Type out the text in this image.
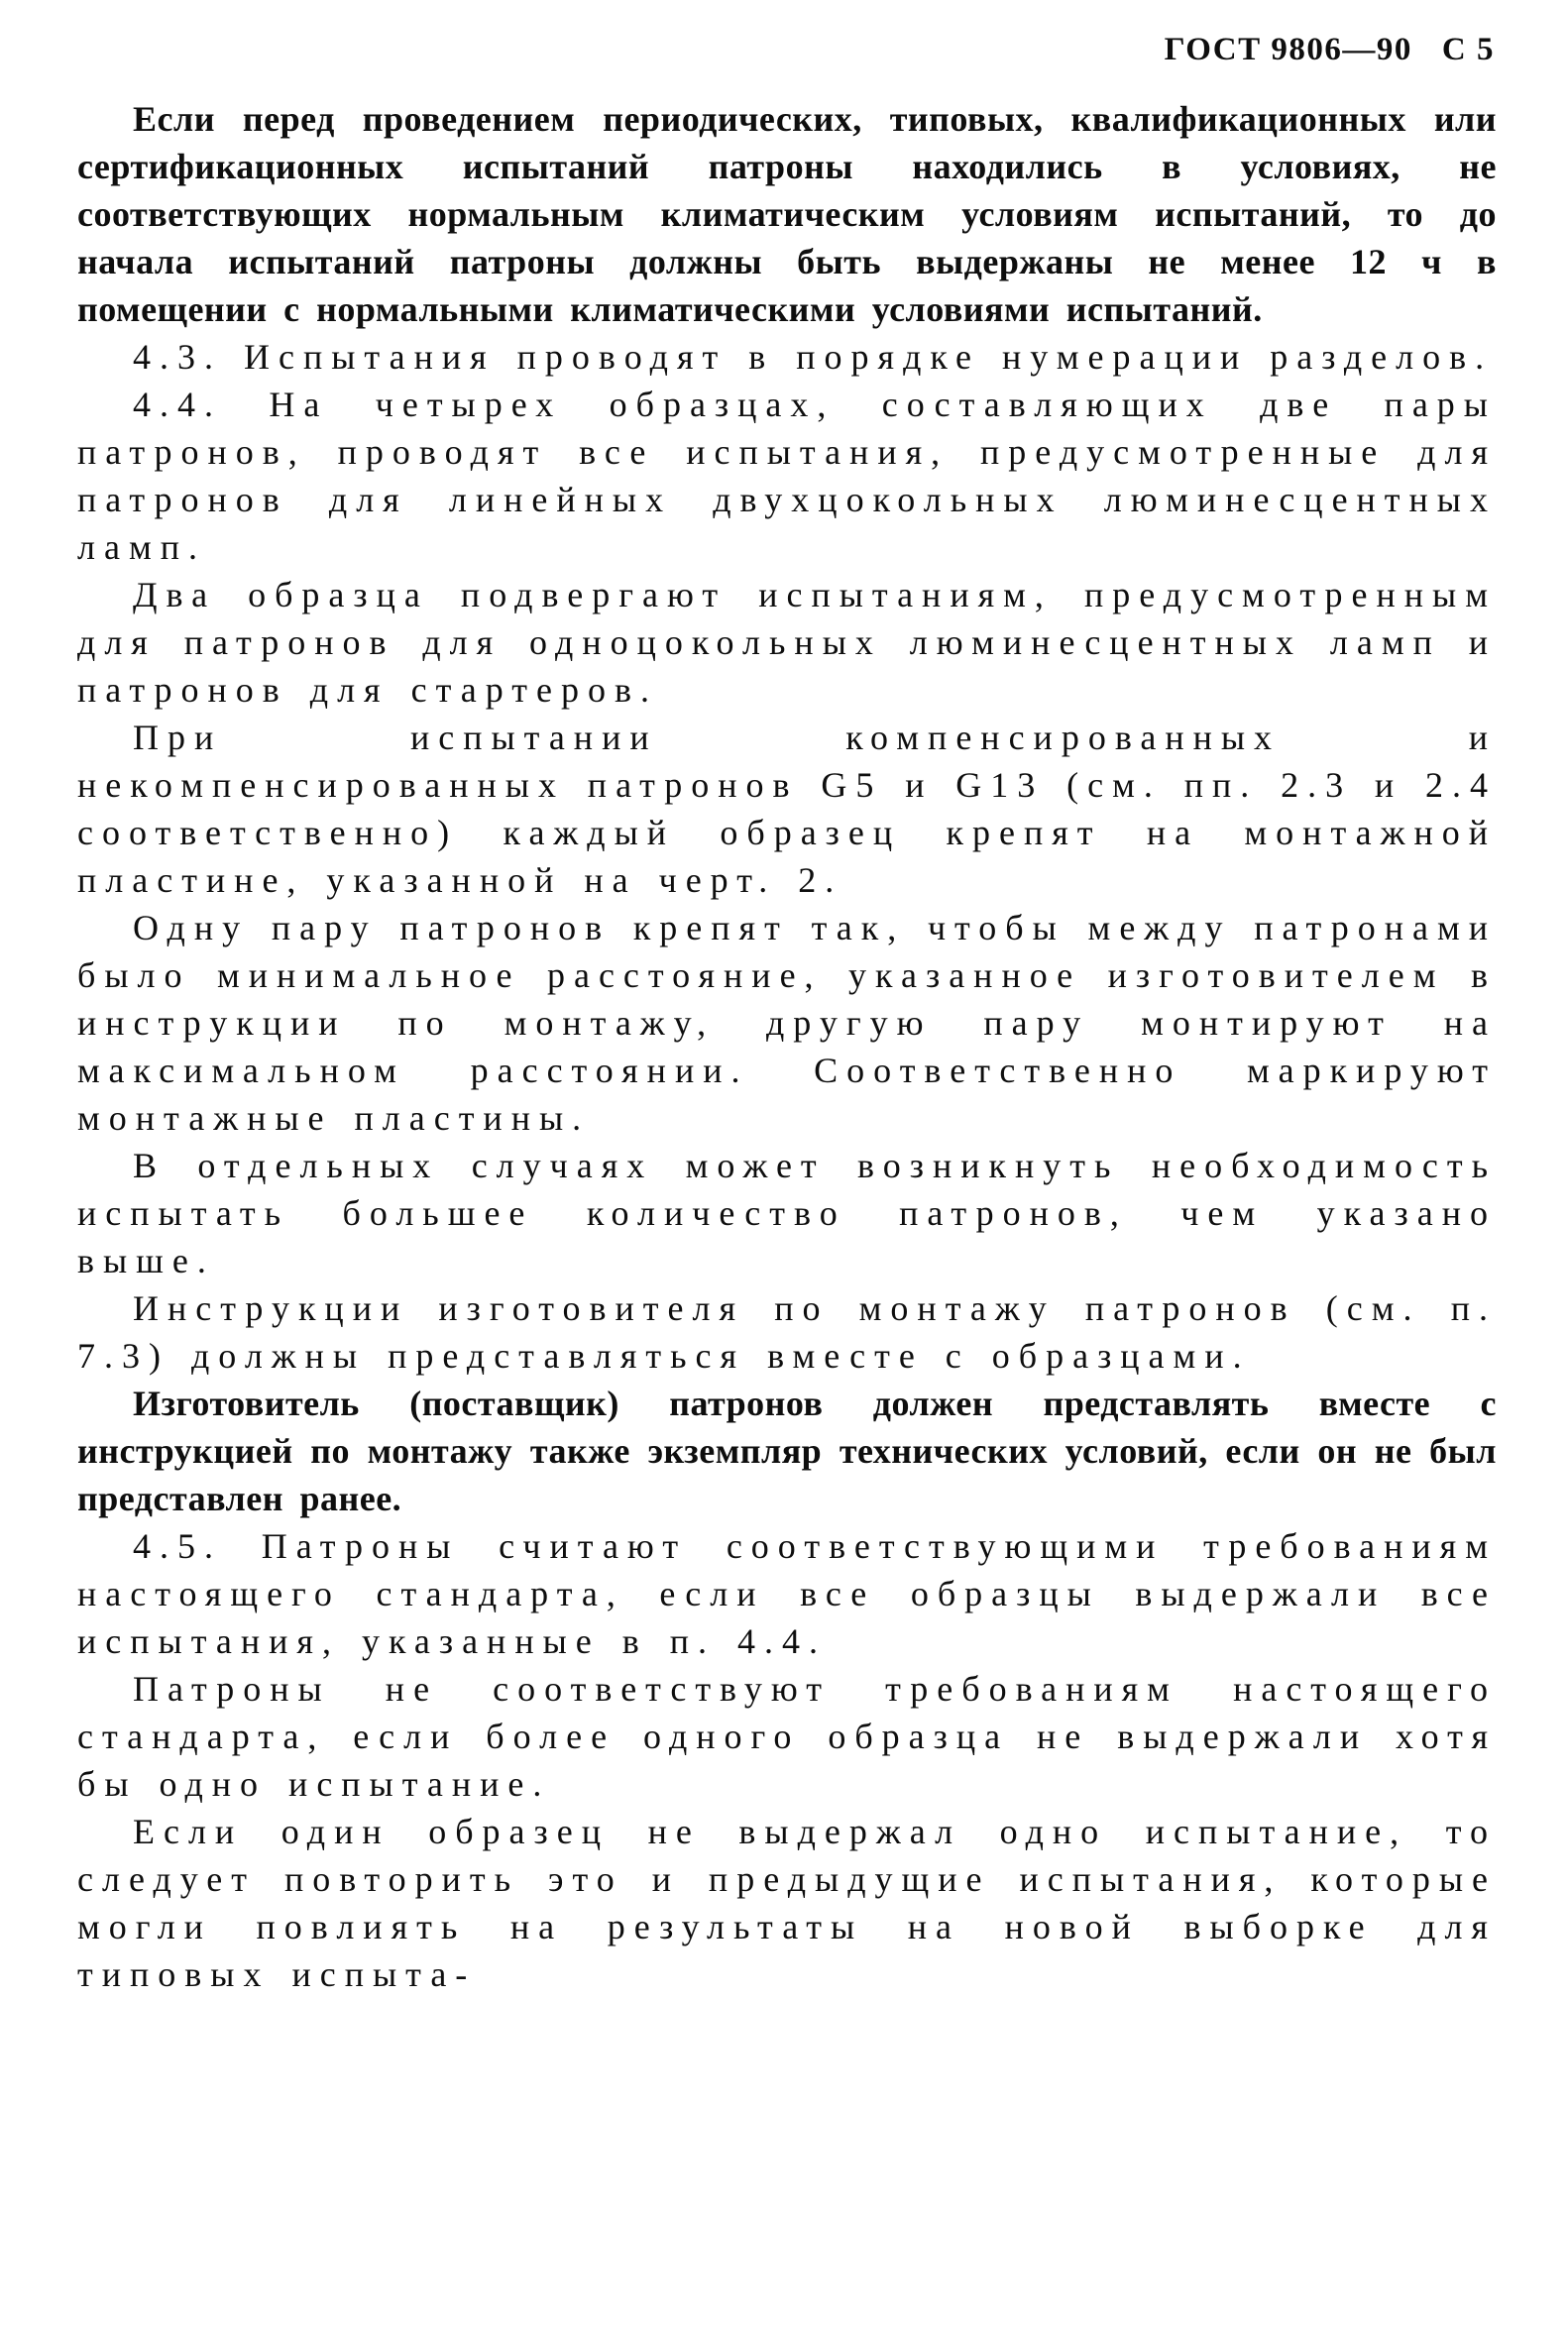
ГОСТ 9806—90 С 5

Если перед проведением периодических, типовых, квалификационных или сертификационных испытаний патроны находились в условиях, не соответствующих нормальным климатическим условиям испытаний, то до начала испытаний патроны должны быть выдержаны не менее 12 ч в помещении с нормальными климатическими условиями испытаний.

4.3. Испытания проводят в порядке нумерации разделов.

4.4. На четырех образцах, составляющих две пары патронов, проводят все испытания, предусмотренные для патронов для линейных двухцокольных люминесцентных ламп.

Два образца подвергают испытаниям, предусмотренным для патронов для одноцокольных люминесцентных ламп и патронов для стартеров.

При испытании компенсированных и некомпенсированных патронов G5 и G13 (см. пп. 2.3 и 2.4 соответственно) каждый образец крепят на монтажной пластине, указанной на черт. 2.

Одну пару патронов крепят так, чтобы между патронами было минимальное расстояние, указанное изготовителем в инструкции по монтажу, другую пару монтируют на максимальном расстоянии. Соответственно маркируют монтажные пластины.

В отдельных случаях может возникнуть необходимость испытать большее количество патронов, чем указано выше.

Инструкции изготовителя по монтажу патронов (см. п. 7.3) должны представляться вместе с образцами.

Изготовитель (поставщик) патронов должен представлять вместе с инструкцией по монтажу также экземпляр технических условий, если он не был представлен ранее.

4.5. Патроны считают соответствующими требованиям настоящего стандарта, если все образцы выдержали все испытания, указанные в п. 4.4.

Патроны не соответствуют требованиям настоящего стандарта, если более одного образца не выдержали хотя бы одно испытание.

Если один образец не выдержал одно испытание, то следует повторить это и предыдущие испытания, которые могли повлиять на результаты на новой выборке для типовых испыта-
